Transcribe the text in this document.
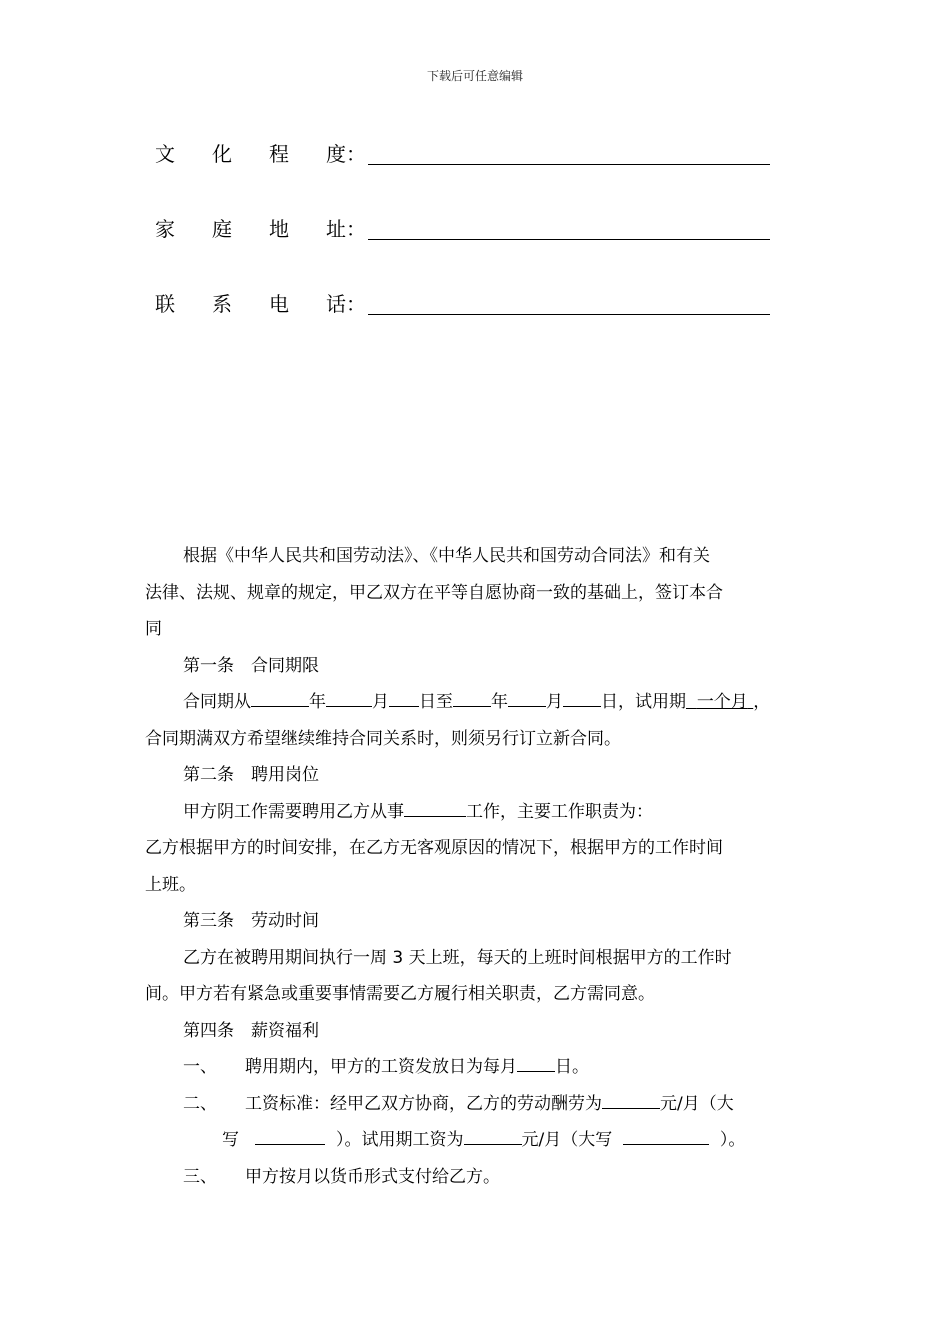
下载后可任意编辑
文 化 程 度：
家 庭 地 址：
联 系 电 话：

根据《中华人民共和国劳动法》、《中华人民共和国劳动合同法》和有关

法律、法规、规章的规定，甲乙双方在平等自愿协商一致的基础上，签订本合

同

第一条　合同期限

合同期从	年	月 日至 年 月 日，试用期 一个月 ，

合同期满双方希望继续维持合同关系时，则须另行订立新合同。

第二条　聘用岗位

甲方阴工作需要聘用乙方从事	工作，主要工作职责为：

乙方根据甲方的时间安排，在乙方无客观原因的情况下，根据甲方的工作时间

上班。

第三条　劳动时间

乙方在被聘用期间执行一周 3 天上班，每天的上班时间根据甲方的工作时

间。甲方若有紧急或重要事情需要乙方履行相关职责，乙方需同意。

第四条　薪资福利

一、 聘用期内，甲方的工资发放日为每月 日。

二、 工资标准：经甲乙双方协商，乙方的劳动酬劳为	元/月（大

写	）。试用期工资为	元/月（大写	）。

三、 甲方按月以货币形式支付给乙方。
